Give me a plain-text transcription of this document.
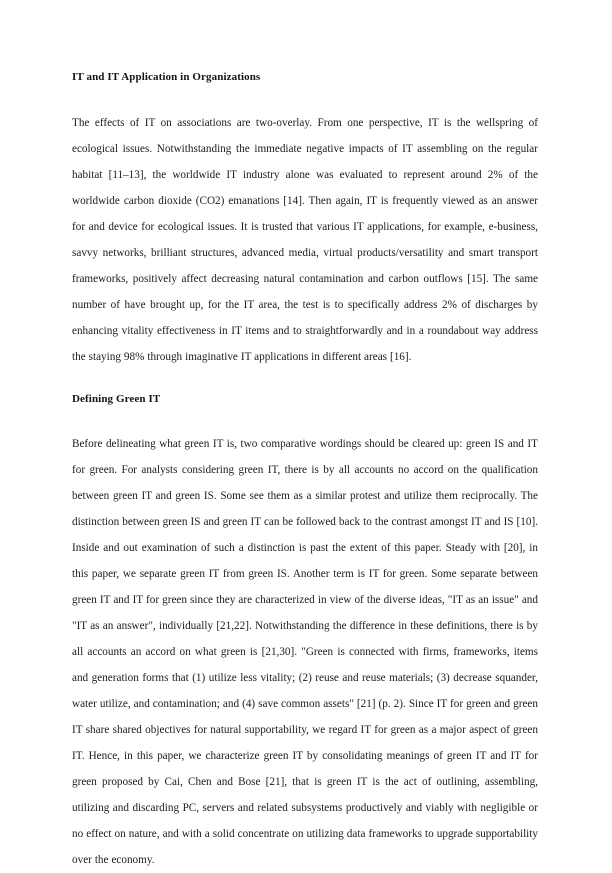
IT and IT Application in Organizations

The effects of IT on associations are two-overlay. From one perspective, IT is the wellspring of ecological issues. Notwithstanding the immediate negative impacts of IT assembling on the regular habitat [11–13], the worldwide IT industry alone was evaluated to represent around 2% of the worldwide carbon dioxide (CO2) emanations [14]. Then again, IT is frequently viewed as an answer for and device for ecological issues. It is trusted that various IT applications, for example, e-business, savvy networks, brilliant structures, advanced media, virtual products/versatility and smart transport frameworks, positively affect decreasing natural contamination and carbon outflows [15]. The same number of have brought up, for the IT area, the test is to specifically address 2% of discharges by enhancing vitality effectiveness in IT items and to straightforwardly and in a roundabout way address the staying 98% through imaginative IT applications in different areas [16].

Defining Green IT

Before delineating what green IT is, two comparative wordings should be cleared up: green IS and IT for green. For analysts considering green IT, there is by all accounts no accord on the qualification between green IT and green IS. Some see them as a similar protest and utilize them reciprocally. The distinction between green IS and green IT can be followed back to the contrast amongst IT and IS [10]. Inside and out examination of such a distinction is past the extent of this paper. Steady with [20], in this paper, we separate green IT from green IS. Another term is IT for green. Some separate between green IT and IT for green since they are characterized in view of the diverse ideas, "IT as an issue" and "IT as an answer", individually [21,22]. Notwithstanding the difference in these definitions, there is by all accounts an accord on what green is [21,30]. "Green is connected with firms, frameworks, items and generation forms that (1) utilize less vitality; (2) reuse and reuse materials; (3) decrease squander, water utilize, and contamination; and (4) save common assets" [21] (p. 2). Since IT for green and green IT share shared objectives for natural supportability, we regard IT for green as a major aspect of green IT. Hence, in this paper, we characterize green IT by consolidating meanings of green IT and IT for green proposed by Cai, Chen and Bose [21], that is green IT is the act of outlining, assembling, utilizing and discarding PC, servers and related subsystems productively and viably with negligible or no effect on nature, and with a solid concentrate on utilizing data frameworks to upgrade supportability over the economy.
